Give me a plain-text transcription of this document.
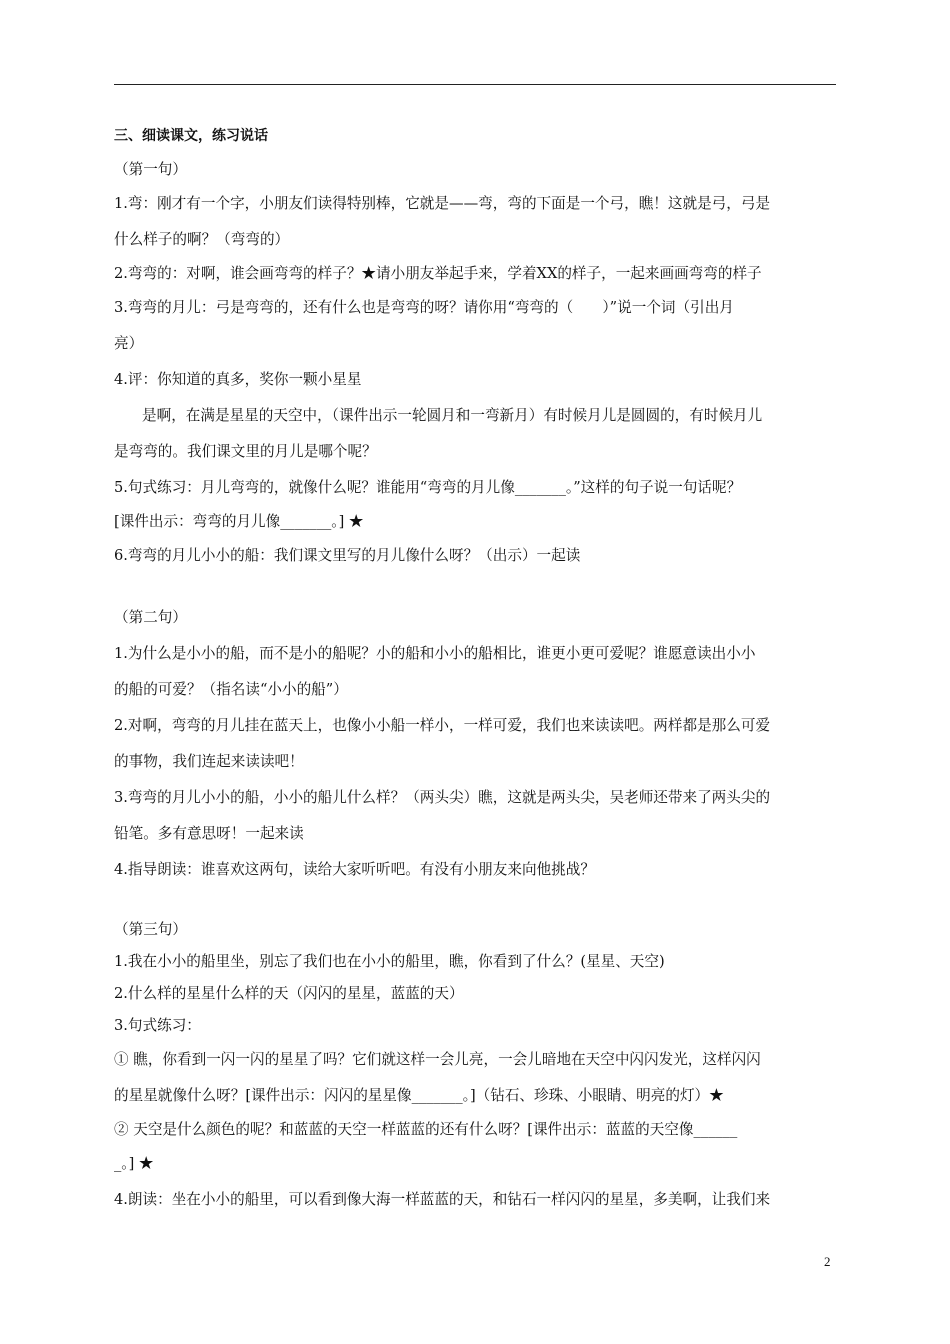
三、细读课文，练习说话
（第一句）
1.弯：刚才有一个字，小朋友们读得特别棒，它就是——弯，弯的下面是一个弓，瞧！这就是弓，弓是
什么样子的啊？（弯弯的）
2.弯弯的：对啊，谁会画弯弯的样子？★请小朋友举起手来，学着XX的样子，一起来画画弯弯的样子
3.弯弯的月儿：弓是弯弯的，还有什么也是弯弯的呀？请你用“弯弯的（　　）”说一个词（引出月
亮）
4.评：你知道的真多，奖你一颗小星星
是啊，在满是星星的天空中，（课件出示一轮圆月和一弯新月）有时候月儿是圆圆的，有时候月儿
是弯弯的。我们课文里的月儿是哪个呢？
5.句式练习：月儿弯弯的，就像什么呢？谁能用“弯弯的月儿像_______。”这样的句子说一句话呢？
[课件出示：弯弯的月儿像_______。] ★
6.弯弯的月儿小小的船：我们课文里写的月儿像什么呀？（出示）一起读
（第二句）
1.为什么是小小的船，而不是小的船呢？小的船和小小的船相比，谁更小更可爱呢？谁愿意读出小小
的船的可爱？（指名读“小小的船”）
2.对啊，弯弯的月儿挂在蓝天上，也像小小船一样小，一样可爱，我们也来读读吧。两样都是那么可爱
的事物，我们连起来读读吧！
3.弯弯的月儿小小的船，小小的船儿什么样？（两头尖）瞧，这就是两头尖，吴老师还带来了两头尖的
铅笔。多有意思呀！一起来读
4.指导朗读：谁喜欢这两句，读给大家听听吧。有没有小朋友来向他挑战？
（第三句）
1.我在小小的船里坐，别忘了我们也在小小的船里，瞧，你看到了什么？(星星、天空)
2.什么样的星星什么样的天（闪闪的星星，蓝蓝的天）
3.句式练习：
① 瞧，你看到一闪一闪的星星了吗？它们就这样一会儿亮，一会儿暗地在天空中闪闪发光，这样闪闪
的星星就像什么呀？[课件出示：闪闪的星星像_______。]（钻石、珍珠、小眼睛、明亮的灯）★
② 天空是什么颜色的呢？和蓝蓝的天空一样蓝蓝的还有什么呀？[课件出示：蓝蓝的天空像______
_。] ★
4.朗读：坐在小小的船里，可以看到像大海一样蓝蓝的天，和钻石一样闪闪的星星，多美啊，让我们来
2
